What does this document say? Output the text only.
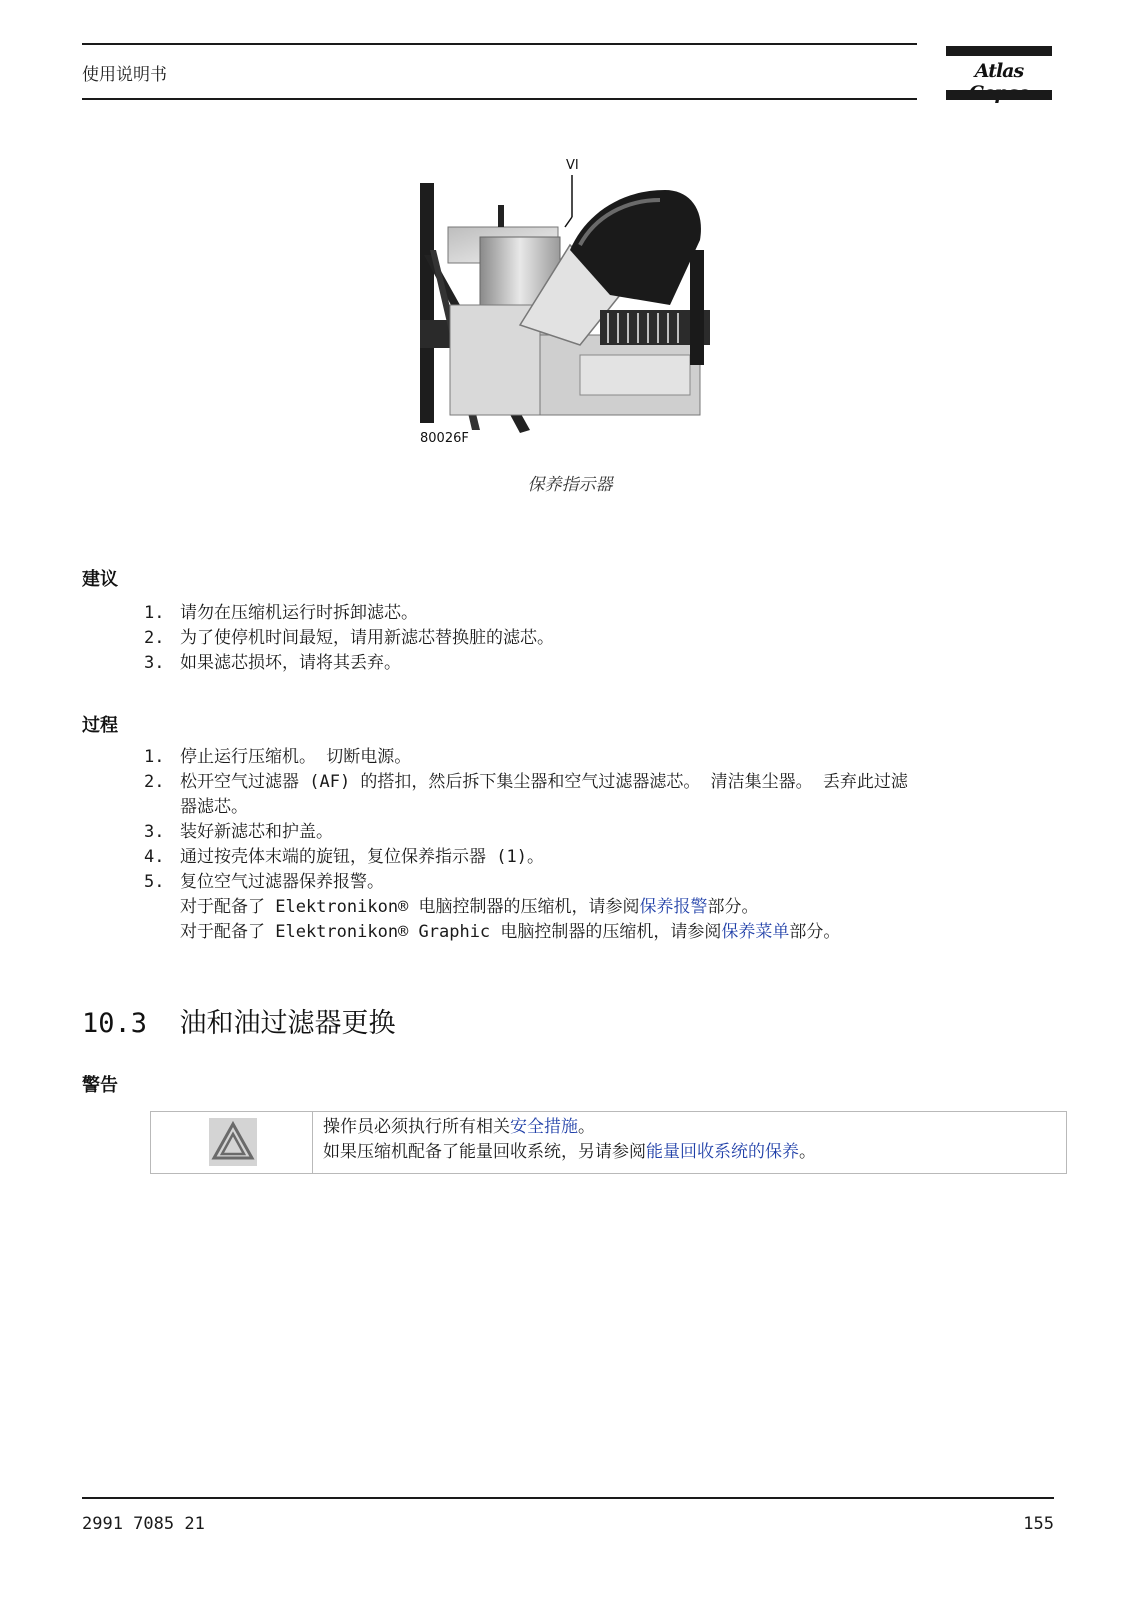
使用说明书	Atlas
VI
80026F
保养指示器
建议
1. 请勿在压缩机运行时拆卸滤芯。
2. 为了使停机时间最短，请用新滤芯替换脏的滤芯。
3. 如果滤芯损坏，请将其丢弃。
过程
1. 停止运行压缩机。 切断电源。
2. 松开空气过滤器 (AF) 的搭扣，然后拆下集尘器和空气过滤器滤芯。 清洁集尘器。 丢弃此过滤
器滤芯。
3. 装好新滤芯和护盖。
4. 通过按壳体末端的旋钮，复位保养指示器 (1)。
5. 复位空气过滤器保养报警。
对于配备了 Elektronikon® 电脑控制器的压缩机，请参阅保养报警部分。
对于配备了 Elektronikon® Graphic 电脑控制器的压缩机，请参阅保养菜单部分。
10.3 油和油过滤器更换
警告
操作员必须执行所有相关安全措施。
如果压缩机配备了能量回收系统，另请参阅能量回收系统的保养。
2991 7085 21	155
